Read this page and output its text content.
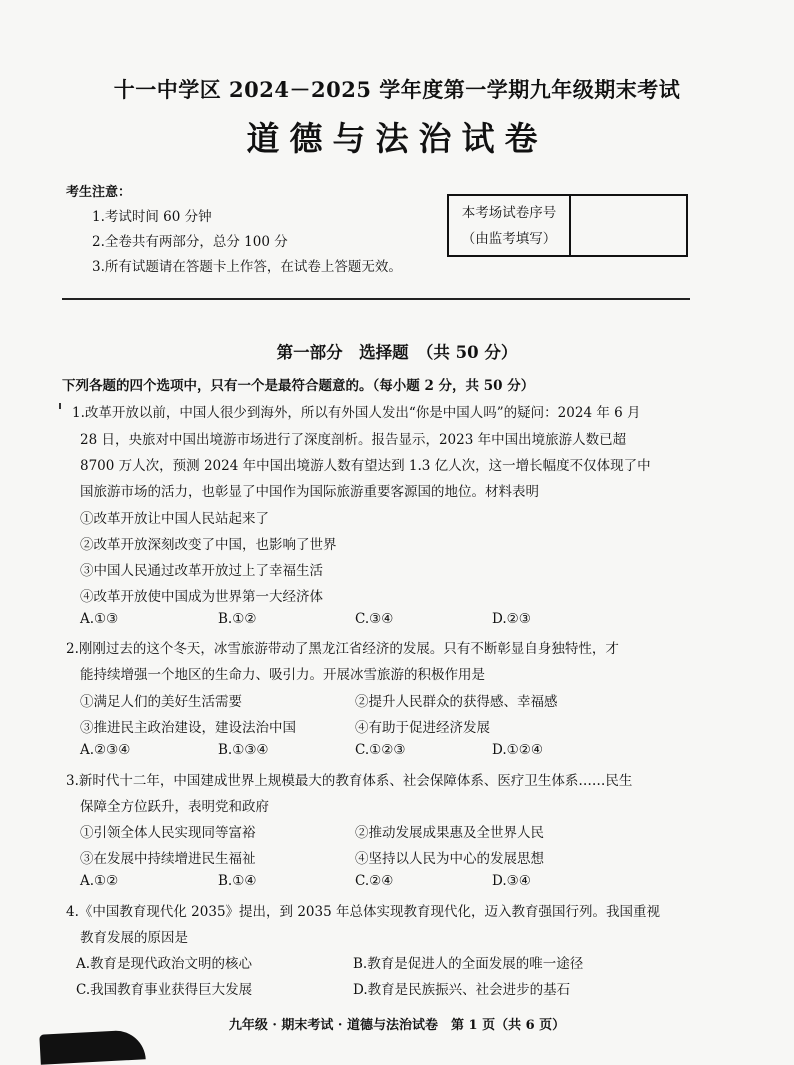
十一中学区 2024－2025 学年度第一学期九年级期末考试
道德与法治试卷
考生注意：
1.考试时间 60 分钟
2.全卷共有两部分，总分 100 分
3.所有试题请在答题卡上作答，在试卷上答题无效。
本考场试卷序号
（由监考填写）
第一部分　选择题　（共 50 分）
下列各题的四个选项中，只有一个是最符合题意的。（每小题 2 分，共 50 分）
1.改革开放以前，中国人很少到海外，所以有外国人发出“你是中国人吗”的疑问：2024 年 6 月
28 日，央旅对中国出境游市场进行了深度剖析。报告显示，2023 年中国出境旅游人数已超
8700 万人次，预测 2024 年中国出境游人数有望达到 1.3 亿人次，这一增长幅度不仅体现了中
国旅游市场的活力，也彰显了中国作为国际旅游重要客源国的地位。材料表明
①改革开放让中国人民站起来了
②改革开放深刻改变了中国，也影响了世界
③中国人民通过改革开放过上了幸福生活
④改革开放使中国成为世界第一大经济体
A.①③	B.①②	C.③④	D.②③
2.刚刚过去的这个冬天，冰雪旅游带动了黑龙江省经济的发展。只有不断彰显自身独特性，才
能持续增强一个地区的生命力、吸引力。开展冰雪旅游的积极作用是
①满足人们的美好生活需要	②提升人民群众的获得感、幸福感
③推进民主政治建设，建设法治中国	④有助于促进经济发展
A.②③④	B.①③④	C.①②③	D.①②④
3.新时代十二年，中国建成世界上规模最大的教育体系、社会保障体系、医疗卫生体系……民生
保障全方位跃升，表明党和政府
①引领全体人民实现同等富裕	②推动发展成果惠及全世界人民
③在发展中持续增进民生福祉	④坚持以人民为中心的发展思想
A.①②	B.①④	C.②④	D.③④
4.《中国教育现代化 2035》提出，到 2035 年总体实现教育现代化，迈入教育强国行列。我国重视
教育发展的原因是
A.教育是现代政治文明的核心	B.教育是促进人的全面发展的唯一途径
C.我国教育事业获得巨大发展	D.教育是民族振兴、社会进步的基石
九年级 · 期末考试 · 道德与法治试卷　第 1 页（共 6 页）
